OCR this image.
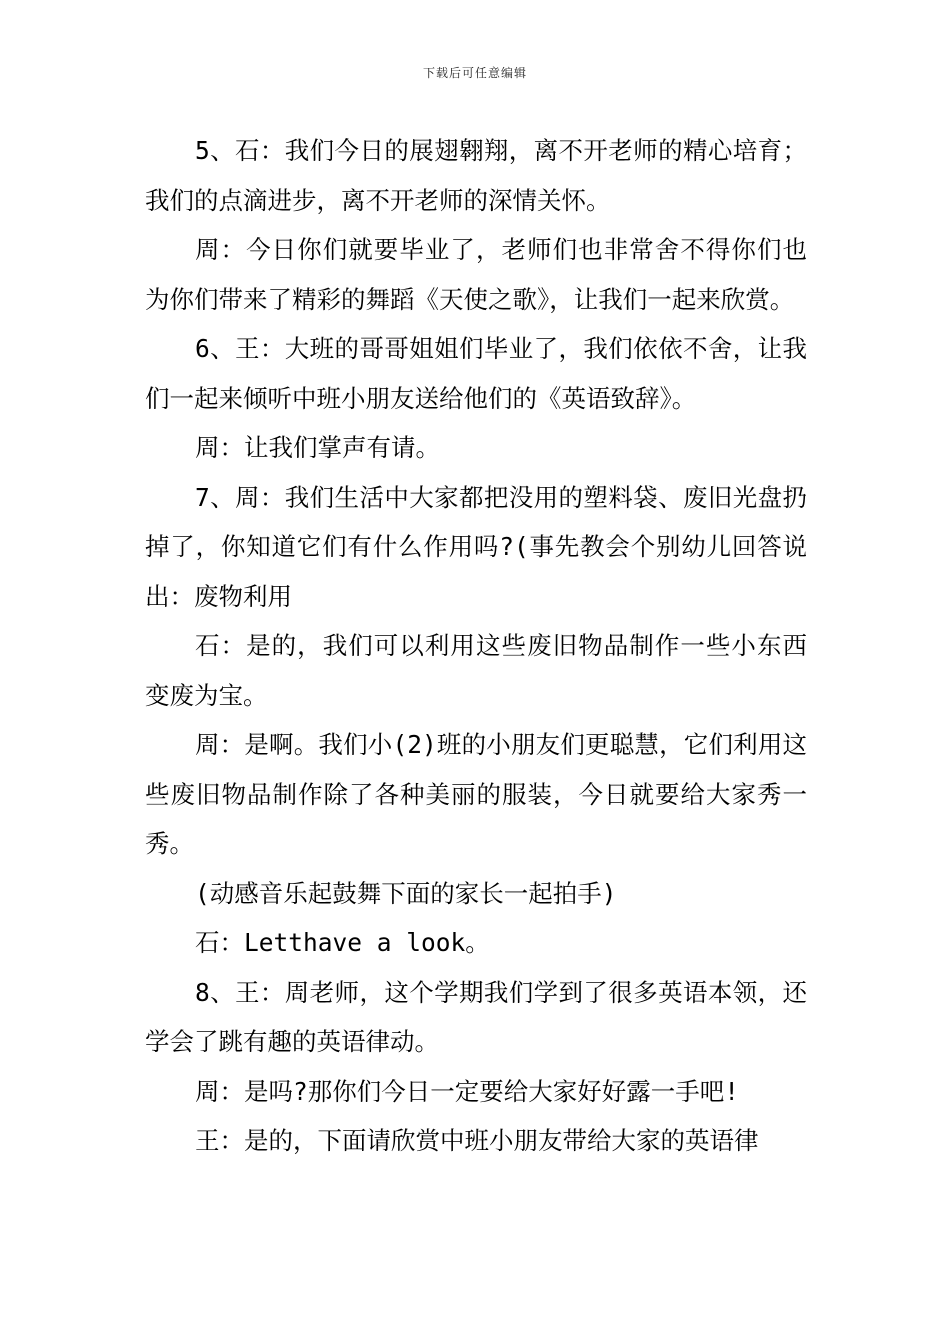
下载后可任意编辑

5、石：我们今日的展翅翱翔，离不开老师的精心培育；我们的点滴进步，离不开老师的深情关怀。

周：今日你们就要毕业了，老师们也非常舍不得你们也为你们带来了精彩的舞蹈《天使之歌》，让我们一起来欣赏。

6、王：大班的哥哥姐姐们毕业了，我们依依不舍，让我们一起来倾听中班小朋友送给他们的《英语致辞》。

周：让我们掌声有请。

7、周：我们生活中大家都把没用的塑料袋、废旧光盘扔掉了，你知道它们有什么作用吗?(事先教会个别幼儿回答说出：废物利用

石：是的，我们可以利用这些废旧物品制作一些小东西变废为宝。

周：是啊。我们小(2)班的小朋友们更聪慧，它们利用这些废旧物品制作除了各种美丽的服装，今日就要给大家秀一秀。

(动感音乐起鼓舞下面的家长一起拍手)

石：Letthave a look。

8、王：周老师，这个学期我们学到了很多英语本领，还学会了跳有趣的英语律动。

周：是吗?那你们今日一定要给大家好好露一手吧!

王：是的，下面请欣赏中班小朋友带给大家的英语律
